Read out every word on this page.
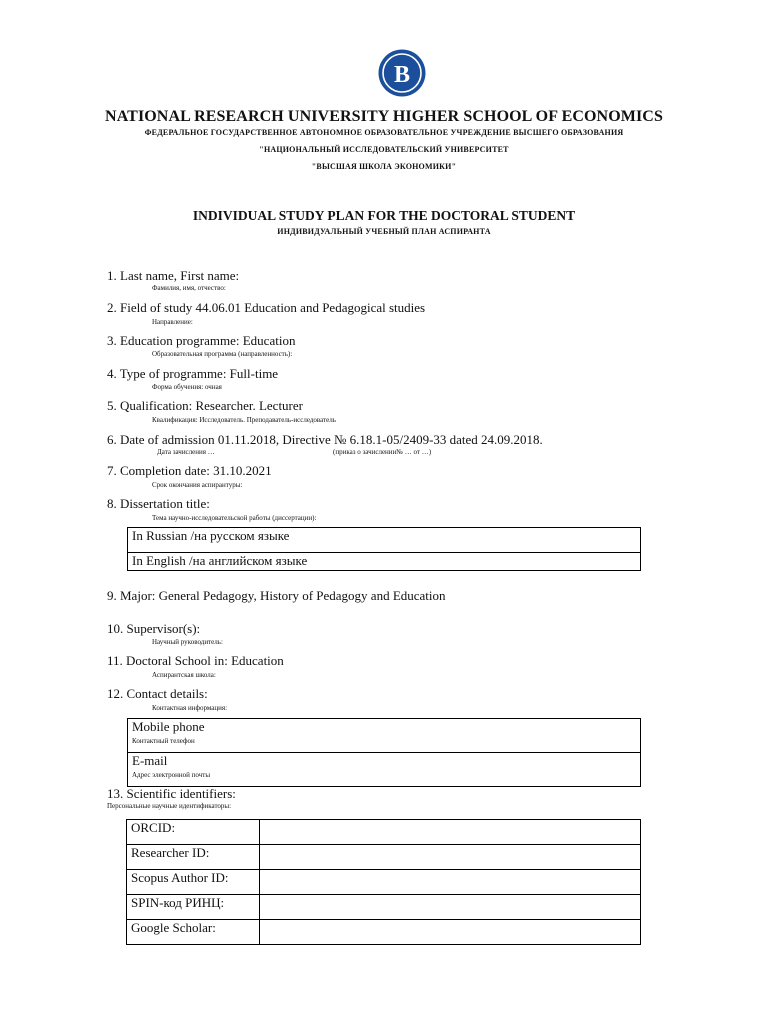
В
NATIONAL RESEARCH UNIVERSITY HIGHER SCHOOL OF ECONOMICS
ФЕДЕРАЛЬНОЕ ГОСУДАРСТВЕННОЕ АВТОНОМНОЕ ОБРАЗОВАТЕЛЬНОЕ УЧРЕЖДЕНИЕ ВЫСШЕГО ОБРАЗОВАНИЯ
"НАЦИОНАЛЬНЫЙ ИССЛЕДОВАТЕЛЬСКИЙ УНИВЕРСИТЕТ
"ВЫСШАЯ ШКОЛА ЭКОНОМИКИ"
INDIVIDUAL STUDY PLAN FOR THE DOCTORAL STUDENT
ИНДИВИДУАЛЬНЫЙ УЧЕБНЫЙ ПЛАН АСПИРАНТА
1. Last name, First name:
Фамилия, имя, отчество:
2. Field of study 44.06.01 Education and Pedagogical studies
Направление:
3. Education programme: Education
Образовательная программа (направленность):
4. Type of programme: Full-time
Форма обучения: очная
5. Qualification: Researcher. Lecturer
Квалификация: Исследователь. Преподаватель-исследователь
6. Date of admission 01.11.2018, Directive № 6.18.1-05/2409-33 dated 24.09.2018.
Дата зачисления …	(приказ о зачислении№ … от …)
7. Completion date: 31.10.2021
Срок окончания аспирантуры:
8. Dissertation title:
Тема научно-исследовательской работы (диссертации):
In Russian /на русском языке
In English /на английском языке
9. Major: General Pedagogy, History of Pedagogy and Education
10. Supervisor(s):
Научный руководитель:
11. Doctoral School in: Education
Аспирантская школа:
12. Contact details:
Контактная информация:
Mobile phone
Контактный телефон

E-mail
Адрес электронной почты
13. Scientific identifiers:
Персональные научные идентификаторы:
ORCID:	
Researcher ID:	
Scopus Author ID:	
SPIN-код РИНЦ:	
Google Scholar:	
